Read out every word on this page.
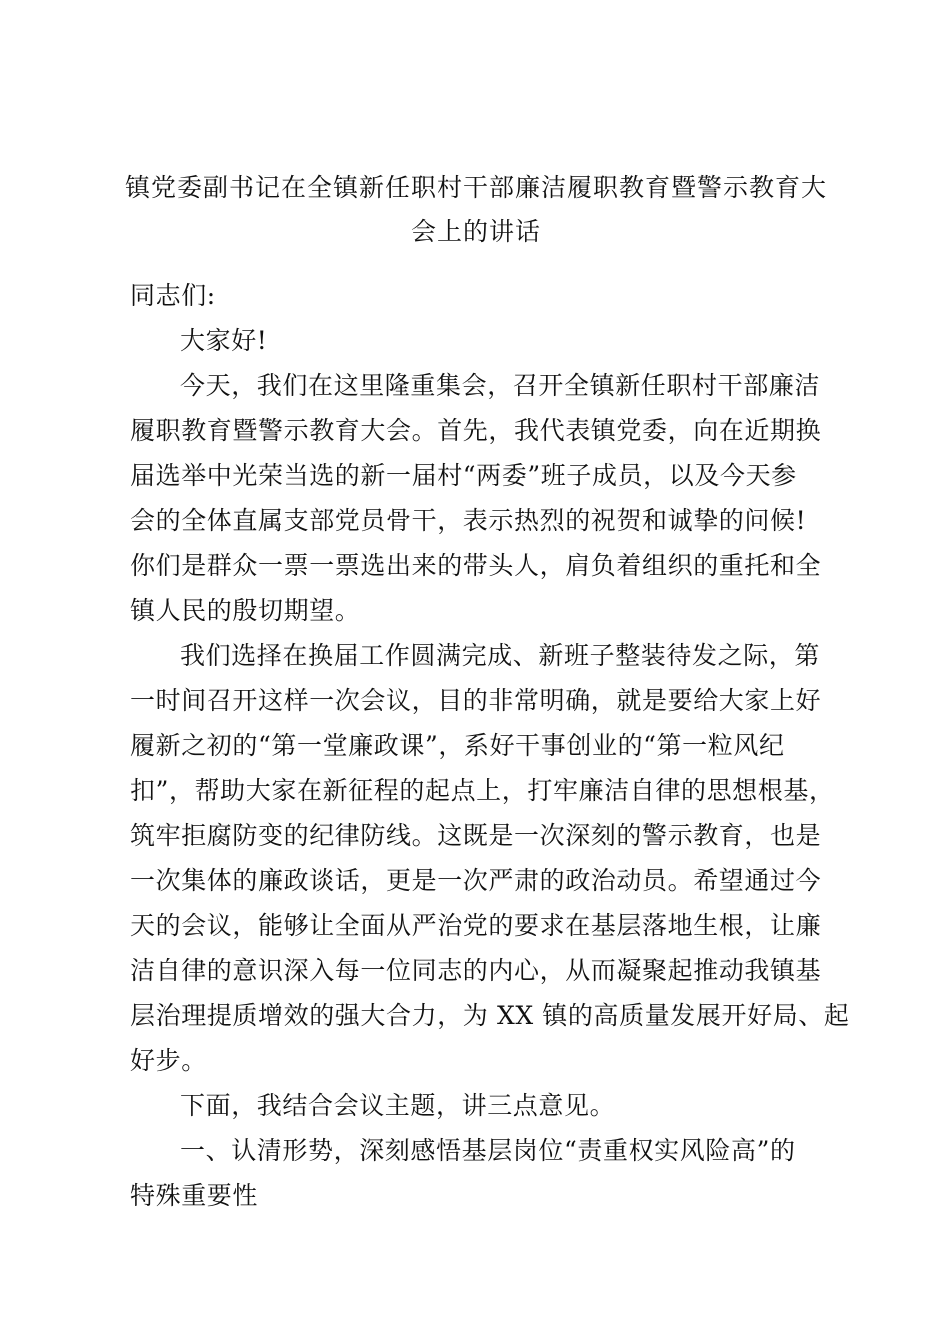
镇党委副书记在全镇新任职村干部廉洁履职教育暨警示教育大
会上的讲话
同志们:
大家好!
今天，我们在这里隆重集会，召开全镇新任职村干部廉洁
履职教育暨警示教育大会。首先，我代表镇党委，向在近期换
届选举中光荣当选的新一届村“两委”班子成员，以及今天参
会的全体直属支部党员骨干，表示热烈的祝贺和诚挚的问候!
你们是群众一票一票选出来的带头人，肩负着组织的重托和全
镇人民的殷切期望。
我们选择在换届工作圆满完成、新班子整装待发之际，第
一时间召开这样一次会议，目的非常明确，就是要给大家上好
履新之初的“第一堂廉政课”，系好干事创业的“第一粒风纪
扣”，帮助大家在新征程的起点上，打牢廉洁自律的思想根基，
筑牢拒腐防变的纪律防线。这既是一次深刻的警示教育，也是
一次集体的廉政谈话，更是一次严肃的政治动员。希望通过今
天的会议，能够让全面从严治党的要求在基层落地生根，让廉
洁自律的意识深入每一位同志的内心，从而凝聚起推动我镇基
层治理提质增效的强大合力，为 XX 镇的高质量发展开好局、起
好步。
下面，我结合会议主题，讲三点意见。
一、认清形势，深刻感悟基层岗位“责重权实风险高”的
特殊重要性
